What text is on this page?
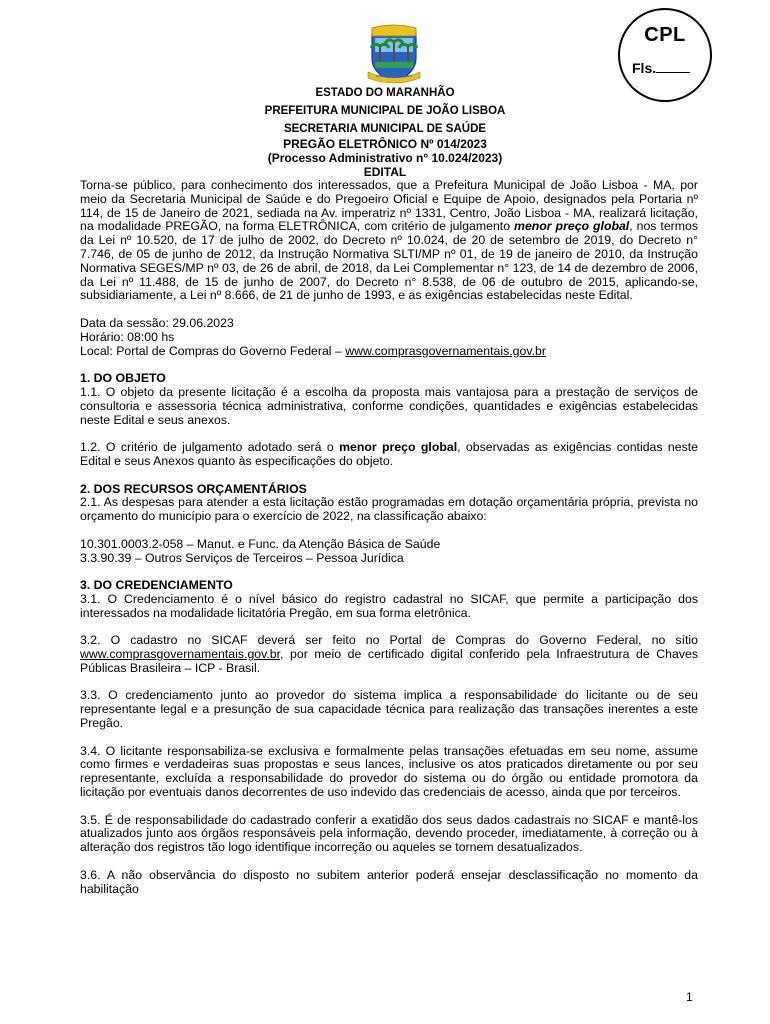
CPL
Fls.
ESTADO DO MARANHÃO
PREFEITURA MUNICIPAL DE JOÃO LISBOA
SECRETARIA MUNICIPAL DE SAÚDE
PREGÃO ELETRÔNICO Nº 014/2023
(Processo Administrativo n° 10.024/2023)
EDITAL

Torna-se público, para conhecimento dos interessados, que a Prefeitura Municipal de João Lisboa - MA, por meio da Secretaria Municipal de Saúde e do Pregoeiro Oficial e Equipe de Apoio, designados pela Portaria nº 114, de 15 de Janeiro de 2021, sediada na Av. imperatriz nº 1331, Centro, João Lisboa - MA, realizará licitação, na modalidade PREGÃO, na forma ELETRÔNICA, com critério de julgamento menor preço global, nos termos da Lei nº 10.520, de 17 de julho de 2002, do Decreto nº 10.024, de 20 de setembro de 2019, do Decreto n° 7.746, de 05 de junho de 2012, da Instrução Normativa SLTI/MP nº 01, de 19 de janeiro de 2010, da Instrução Normativa SEGES/MP nº 03, de 26 de abril, de 2018, da Lei Complementar n° 123, de 14 de dezembro de 2006, da Lei nº 11.488, de 15 de junho de 2007, do Decreto n° 8.538, de 06 de outubro de 2015, aplicando-se, subsidiariamente, a Lei nº 8.666, de 21 de junho de 1993, e as exigências estabelecidas neste Edital.

Data da sessão: 29.06.2023

Horário: 08:00 hs

Local: Portal de Compras do Governo Federal – www.comprasgovernamentais.gov.br

1. DO OBJETO

1.1. O objeto da presente licitação é a escolha da proposta mais vantajosa para a prestação de serviços de consultoria e assessoria técnica administrativa, conforme condições, quantidades e exigências estabelecidas neste Edital e seus anexos.

1.2. O critério de julgamento adotado será o menor preço global, observadas as exigências contidas neste Edital e seus Anexos quanto às especificações do objeto.

2. DOS RECURSOS ORÇAMENTÁRIOS

2.1. As despesas para atender a esta licitação estão programadas em dotação orçamentária própria, prevista no orçamento do município para o exercício de 2022, na classificação abaixo:

10.301.0003.2-058 – Manut. e Func. da Atenção Básica de Saúde

3.3.90.39 – Outros Serviços de Terceiros – Pessoa Jurídica

3. DO CREDENCIAMENTO

3.1. O Credenciamento é o nível básico do registro cadastral no SICAF, que permite a participação dos interessados na modalidade licitatória Pregão, em sua forma eletrônica.

3.2. O cadastro no SICAF deverá ser feito no Portal de Compras do Governo Federal, no sítio www.comprasgovernamentais.gov.br, por meio de certificado digital conferido pela Infraestrutura de Chaves Públicas Brasileira – ICP - Brasil.

3.3. O credenciamento junto ao provedor do sistema implica a responsabilidade do licitante ou de seu representante legal e a presunção de sua capacidade técnica para realização das transações inerentes a este Pregão.

3.4. O licitante responsabiliza-se exclusiva e formalmente pelas transações efetuadas em seu nome, assume como firmes e verdadeiras suas propostas e seus lances, inclusive os atos praticados diretamente ou por seu representante, excluída a responsabilidade do provedor do sistema ou do órgão ou entidade promotora da licitação por eventuais danos decorrentes de uso indevido das credenciais de acesso, ainda que por terceiros.

3.5. É de responsabilidade do cadastrado conferir a exatidão dos seus dados cadastrais no SICAF e mantê-los atualizados junto aos órgãos responsáveis pela informação, devendo proceder, imediatamente, à correção ou à alteração dos registros tão logo identifique incorreção ou aqueles se tornem desatualizados.

3.6. A não observância do disposto no subitem anterior poderá ensejar desclassificação no momento da habilitação

1
